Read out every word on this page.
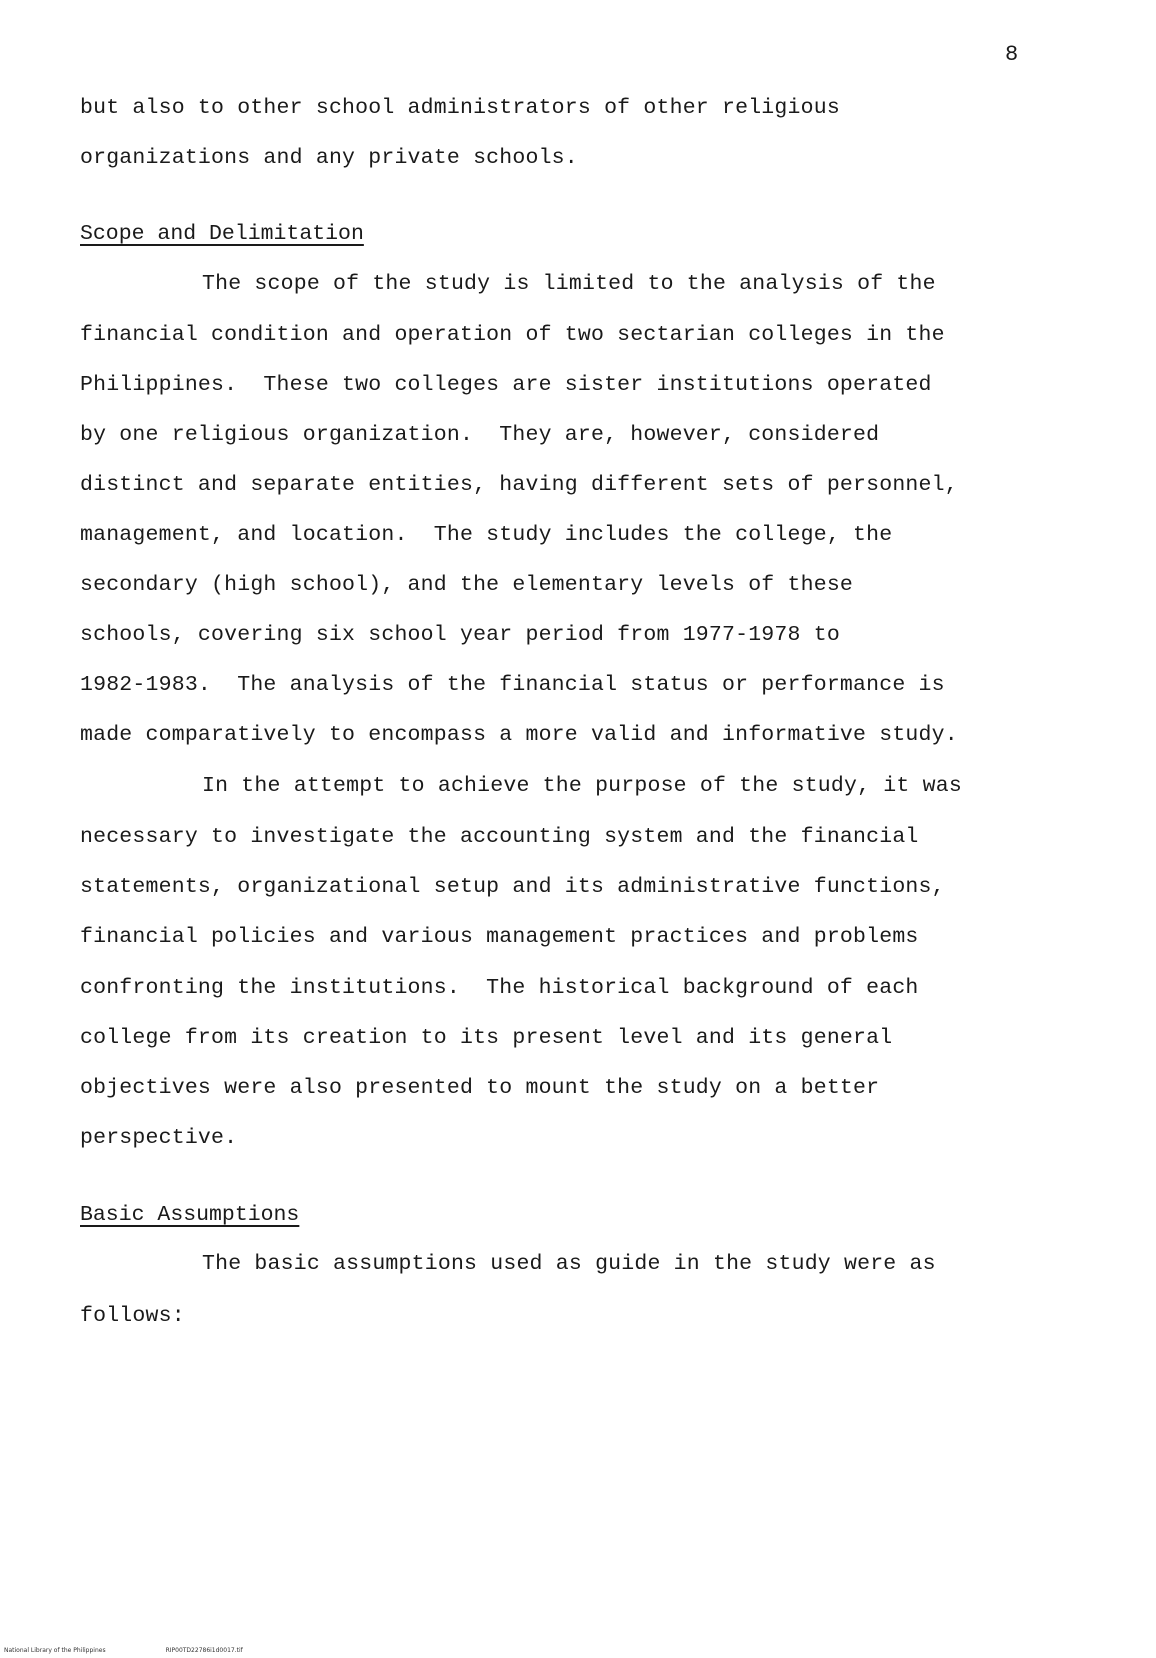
8
but also to other school administrators of other religious
organizations and any private schools.
Scope and Delimitation
The scope of the study is limited to the analysis of the
financial condition and operation of two sectarian colleges in the
Philippines.  These two colleges are sister institutions operated
by one religious organization.  They are, however, considered
distinct and separate entities, having different sets of personnel,
management, and location.  The study includes the college, the
secondary (high school), and the elementary levels of these
schools, covering six school year period from 1977-1978 to
1982-1983.  The analysis of the financial status or performance is
made comparatively to encompass a more valid and informative study.
In the attempt to achieve the purpose of the study, it was
necessary to investigate the accounting system and the financial
statements, organizational setup and its administrative functions,
financial policies and various management practices and problems
confronting the institutions.  The historical background of each
college from its creation to its present level and its general
objectives were also presented to mount the study on a better
perspective.
Basic Assumptions
The basic assumptions used as guide in the study were as
follows:
National Library of the Philippines	RIP00TD22786i1d0017.tif
